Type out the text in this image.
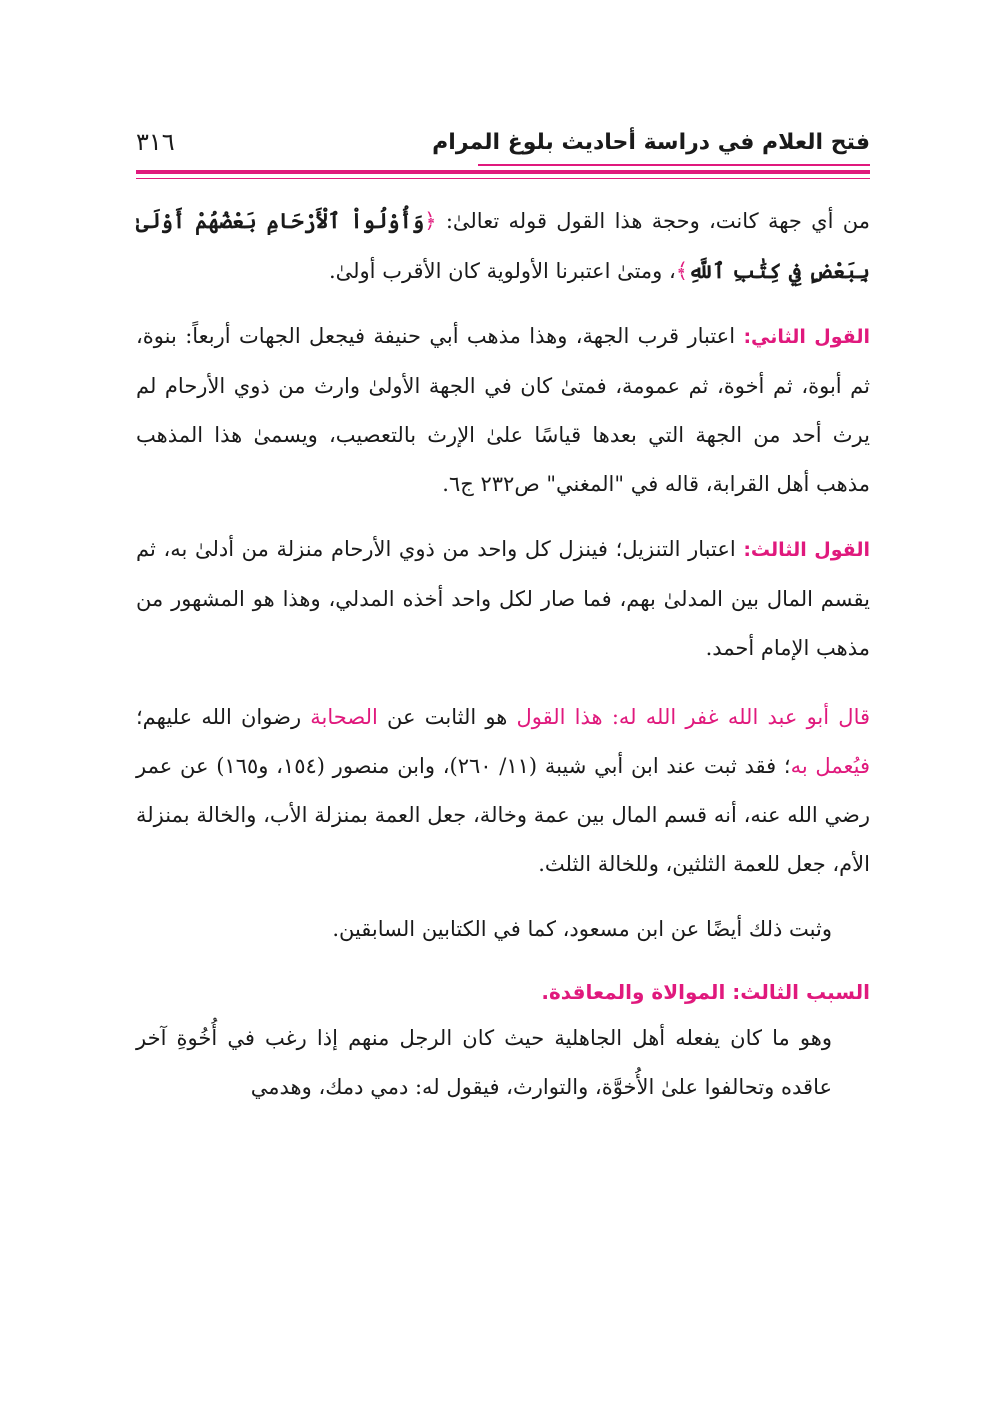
فتح العلام في دراسة أحاديث بلوغ المرام
٣١٦

من أي جهة كانت، وحجة هذا القول قوله تعالىٰ: ﴿وَأُوْلُواْ ٱلْأَرْحَامِ بَعْضُهُمْ أَوْلَىٰ بِبَعْضٍ فِي كِتَٰبِ ٱللَّهِ﴾، ومتىٰ اعتبرنا الأولوية كان الأقرب أولىٰ.

القول الثاني: اعتبار قرب الجهة، وهذا مذهب أبي حنيفة فيجعل الجهات أربعاً: بنوة، ثم أبوة، ثم أخوة، ثم عمومة، فمتىٰ كان في الجهة الأولىٰ وارث من ذوي الأرحام لم يرث أحد من الجهة التي بعدها قياسًا علىٰ الإرث بالتعصيب، ويسمىٰ هذا المذهب مذهب أهل القرابة، قاله في "المغني" ص٢٣٢ ج٦.

القول الثالث: اعتبار التنزيل؛ فينزل كل واحد من ذوي الأرحام منزلة من أدلىٰ به، ثم يقسم المال بين المدلىٰ بهم، فما صار لكل واحد أخذه المدلي، وهذا هو المشهور من مذهب الإمام أحمد.

قال أبو عبد الله غفر الله له: هذا القول هو الثابت عن الصحابة رضوان الله عليهم؛ فيُعمل به؛ فقد ثبت عند ابن أبي شيبة (١١/ ٢٦٠)، وابن منصور (١٥٤، و١٦٥) عن عمر رضي الله عنه، أنه قسم المال بين عمة وخالة، جعل العمة بمنزلة الأب، والخالة بمنزلة الأم، جعل للعمة الثلثين، وللخالة الثلث.

وثبت ذلك أيضًا عن ابن مسعود، كما في الكتابين السابقين.

السبب الثالث: الموالاة والمعاقدة.

وهو ما كان يفعله أهل الجاهلية حيث كان الرجل منهم إذا رغب في أُخُوةِ آخر عاقده وتحالفوا علىٰ الأُخوَّة، والتوارث، فيقول له: دمي دمك، وهدمي
